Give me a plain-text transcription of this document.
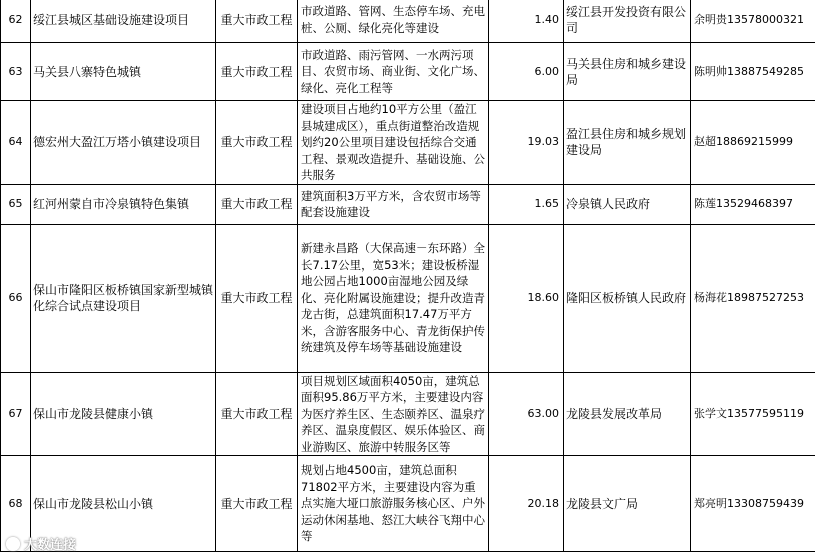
62	绥江县城区基础设施建设项目	重大市政工程	市政道路、管网、生态停车场、充电桩、公厕、绿化亮化等建设	1.40	绥江县开发投资有限公司	余明贵13578000321
63	马关县八寨特色城镇	重大市政工程	市政道路、雨污管网、一水两污项目、农贸市场、商业街、文化广场、绿化、亮化工程等	6.00	马关县住房和城乡建设局	陈明帅13887549285
64	德宏州大盈江万塔小镇建设项目	重大市政工程	建设项目占地约10平方公里（盈江县城建成区），重点街道整治改造规划约20公里项目建设包括综合交通工程、景观改造提升、基础设施、公共服务	19.03	盈江县住房和城乡规划建设局	赵超18869215999
65	红河州蒙自市冷泉镇特色集镇	重大市政工程	建筑面积3万平方米，含农贸市场等配套设施建设	1.65	冷泉镇人民政府	陈莲13529468397
66	保山市隆阳区板桥镇国家新型城镇化综合试点建设项目	重大市政工程	新建永昌路（大保高速－东环路）全长7.17公里，宽53米；建设板桥湿地公园占地1000亩湿地公园及绿化、亮化附属设施建设；提升改造青龙古街，总建筑面积17.47万平方米，含游客服务中心、青龙街保护传统建筑及停车场等基础设施建设	18.60	隆阳区板桥镇人民政府	杨海花18987527253
67	保山市龙陵县健康小镇	重大市政工程	项目规划区域面积4050亩，建筑总面积95.86万平方米，主要建设内容为医疗养生区、生态颐养区、温泉疗养区、温泉度假区、娱乐体验区、商业游购区、旅游中转服务区等	63.00	龙陵县发展改革局	张学文13577595119
68	保山市龙陵县松山小镇	重大市政工程	规划占地4500亩，建筑总面积71802平方米，主要建设内容为重点实施大垭口旅游服务核心区、户外运动休闲基地、怒江大峡谷飞翔中心等	20.18	龙陵县文广局	郑亮明13308759439
大数连接
